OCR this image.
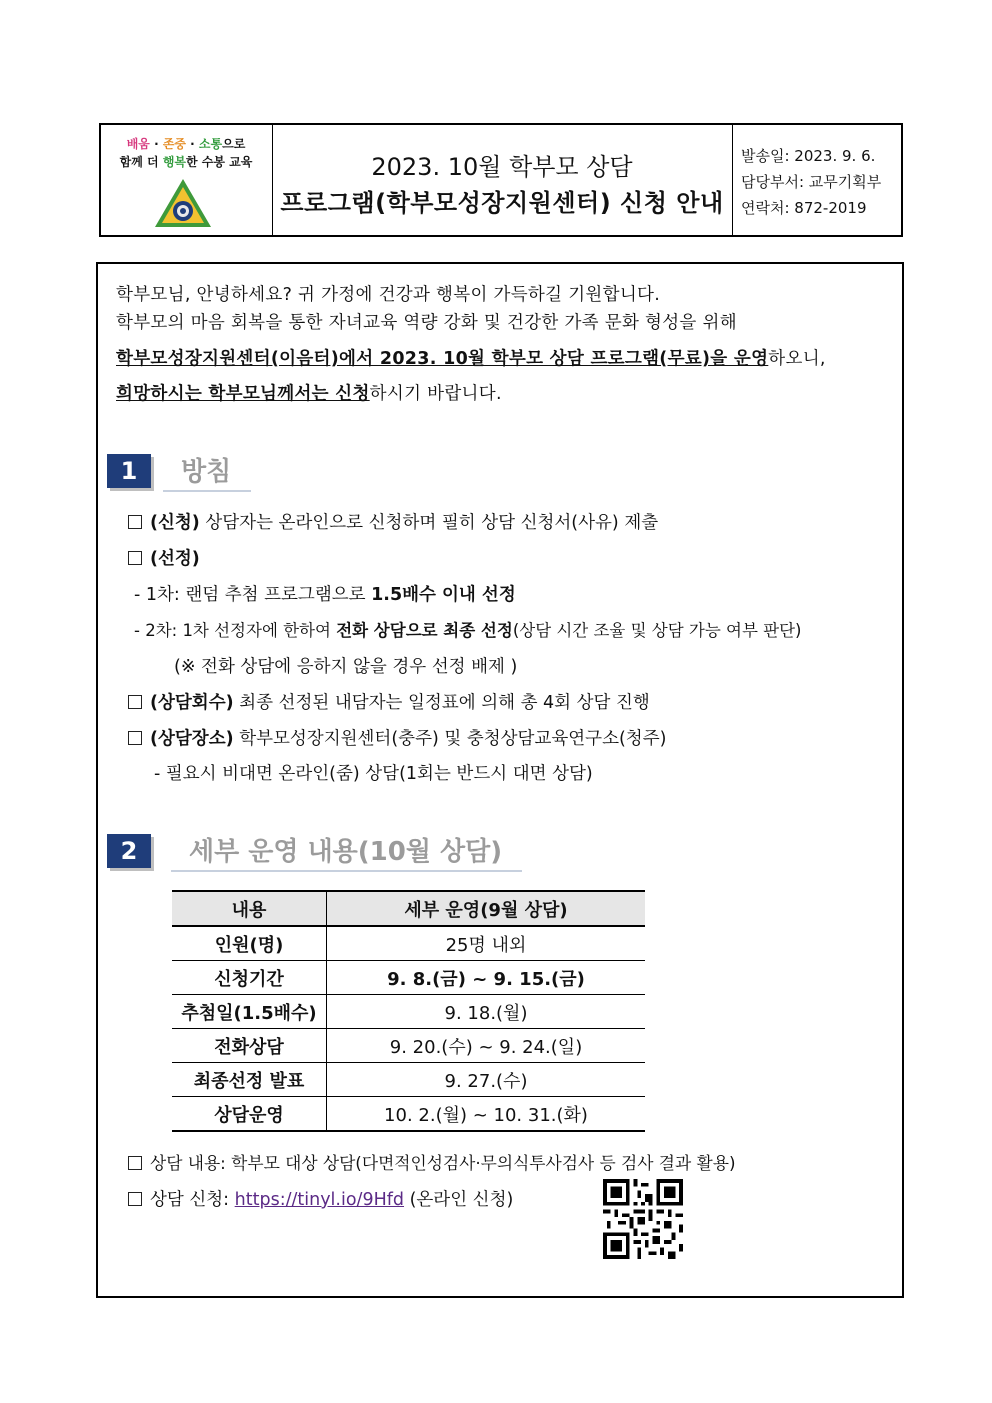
배움 · 존중 · 소통으로
함께 더 행복한 수봉 교육	2023. 10월 학부모 상담
프로그램(학부모성장지원센터) 신청 안내
발송일: 2023. 9. 6.
담당부서: 교무기획부
연락처: 872-2019
학부모님, 안녕하세요? 귀 가정에 건강과 행복이 가득하길 기원합니다.
학부모의 마음 회복을 통한 자녀교육 역량 강화 및 건강한 가족 문화 형성을 위해
학부모성장지원센터(이음터)에서 2023. 10월 학부모 상담 프로그램(무료)을 운영하오니,
희망하시는 학부모님께서는 신청하시기 바랍니다.
1	방침
(신청) 상담자는 온라인으로 신청하며 필히 상담 신청서(사유) 제출
(선정)
- 1차: 랜덤 추첨 프로그램으로 1.5배수 이내 선정
- 2차: 1차 선정자에 한하여 전화 상담으로 최종 선정(상담 시간 조율 및 상담 가능 여부 판단)
(※ 전화 상담에 응하지 않을 경우 선정 배제 )
(상담회수) 최종 선정된 내담자는 일정표에 의해 총 4회 상담 진행
(상담장소) 학부모성장지원센터(충주) 및 충청상담교육연구소(청주)
- 필요시 비대면 온라인(줌) 상담(1회는 반드시 대면 상담)
2	세부 운영 내용(10월 상담)
내용	세부 운영(9월 상담)
인원(명)	25명 내외
신청기간	9. 8.(금) ~ 9. 15.(금)
추첨일(1.5배수)	9. 18.(월)
전화상담	9. 20.(수) ~ 9. 24.(일)
최종선정 발표	9. 27.(수)
상담운영	10. 2.(월) ~ 10. 31.(화)
상담 내용: 학부모 대상 상담(다면적인성검사·무의식투사검사 등 검사 결과 활용)
상담 신청: https://tinyl.io/9Hfd (온라인 신청)
